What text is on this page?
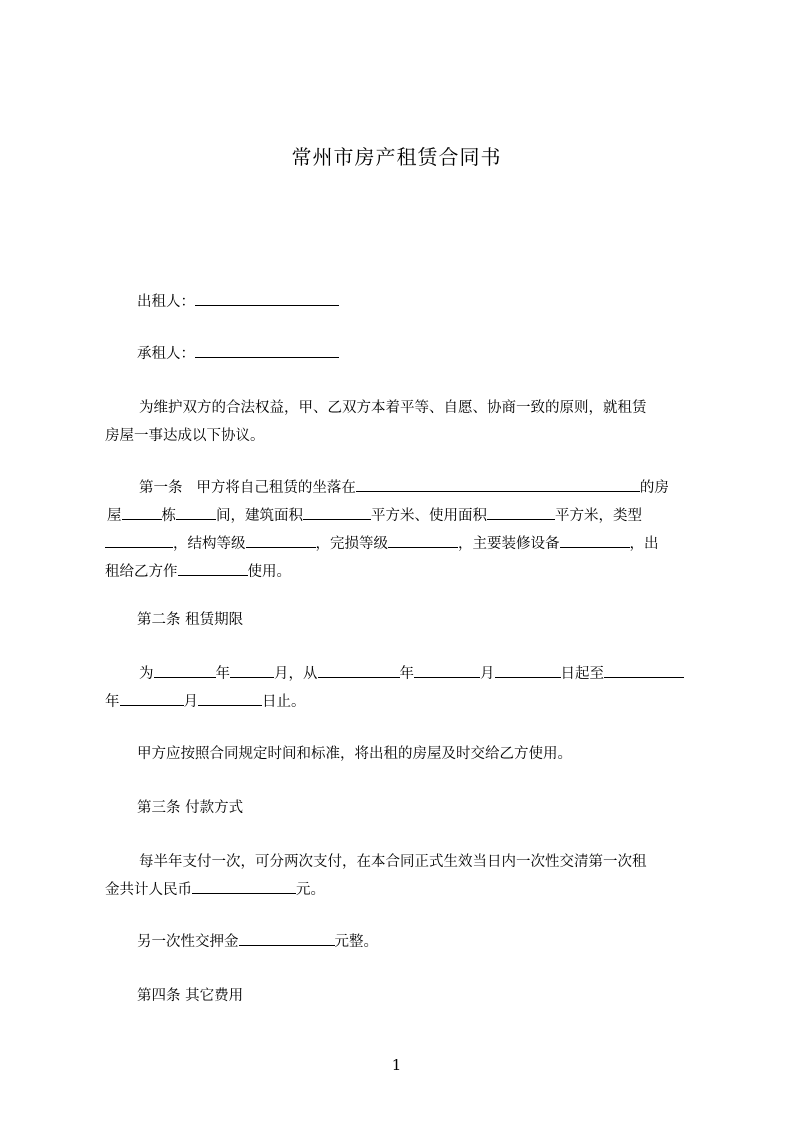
常州市房产租赁合同书

出租人：

承租人：

为维护双方的合法权益，甲、乙双方本着平等、自愿、协商一致的原则，就租赁
房屋一事达成以下协议。
第一条 甲方将自己租赁的坐落在	的房
屋	栋	间，建筑面积	平方米、使用面积	平方米，类型
，结构等级	，完损等级	，主要装修设备	，出
租给乙方作	使用。

第二条 租赁期限

为	年	月，从	年	月	日起至
年	月	日止。

甲方应按照合同规定时间和标准，将出租的房屋及时交给乙方使用。

第三条 付款方式

每半年支付一次，可分两次支付，在本合同正式生效当日内一次性交清第一次租
金共计人民币	元。

另一次性交押金	元整。

第四条 其它费用

1
